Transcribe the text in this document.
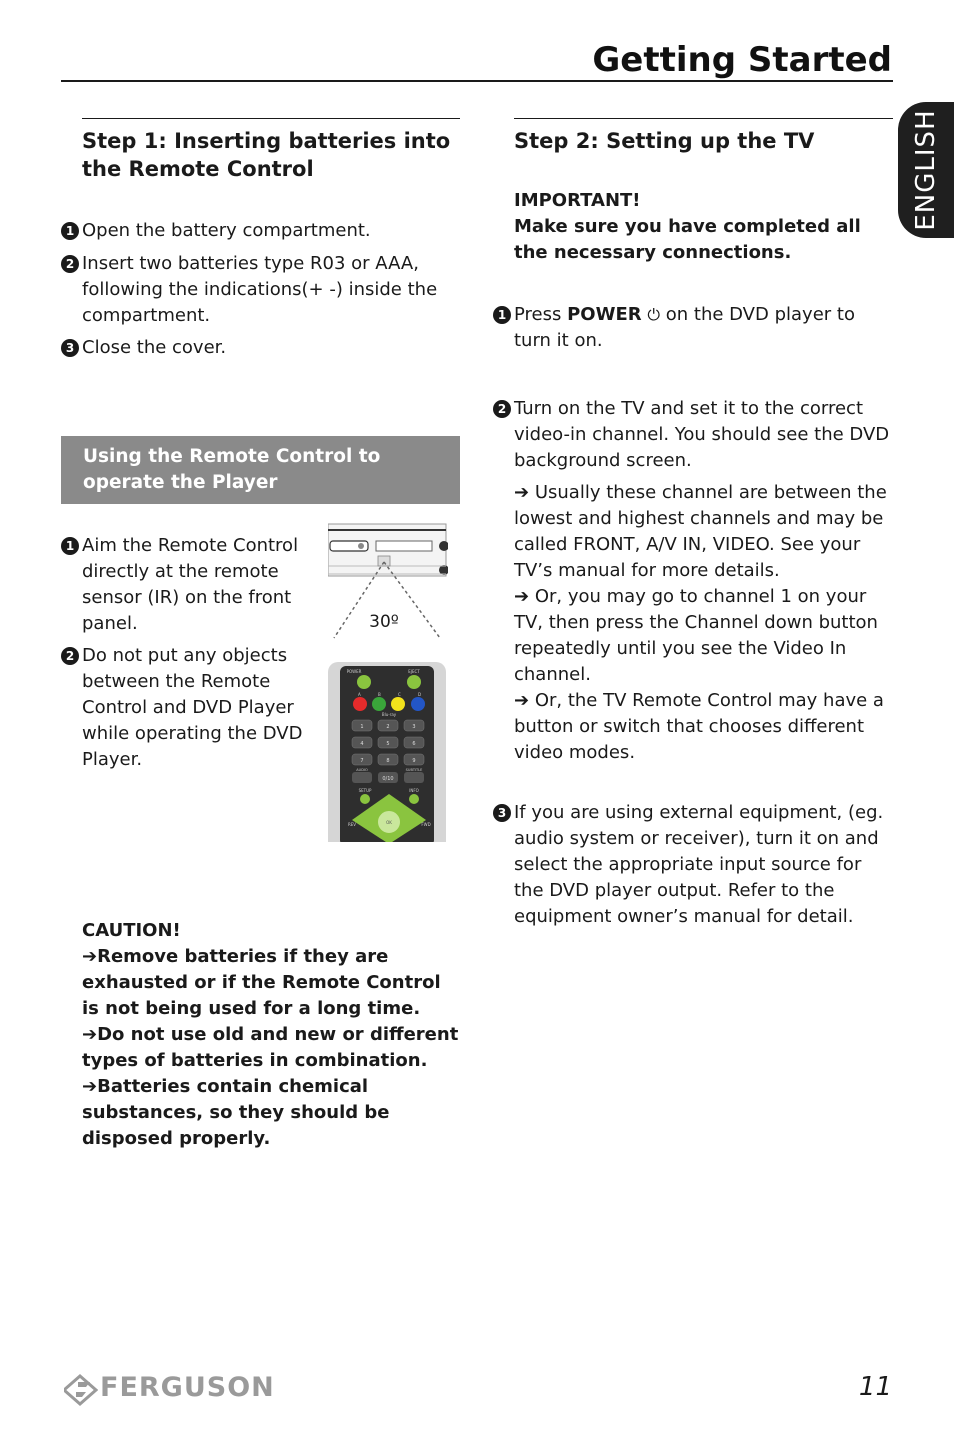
Getting Started
ENGLISH
Step 1: Inserting batteries into the Remote Control
1 Open the battery compartment.
2 Insert two batteries type R03 or AAA, following the indications(+ -) inside the compartment.
3 Close the cover.
Using the Remote Control to operate the Player
1 Aim the Remote Control directly at the remote sensor (IR) on the front panel.
2 Do not put any objects between the Remote Control and DVD Player while operating the DVD Player.
30º
POWER	EJECT
A	B	C	D
Blu-ray
1	2	3
4	5	6
7	8	9
AUDIO	SUBTITLE
0/10
SETUP	INFO
OK
REV	FWD
CAUTION!
➔Remove batteries if they are exhausted or if the Remote Control is not being used for a long time.
➔Do not use old and new or different types of batteries in combination.
➔Batteries contain chemical substances, so they should be disposed properly.
Step 2: Setting up the TV
IMPORTANT!
Make sure you have completed all the necessary connections.
1 Press POWER ⏻ on the DVD player to turn it on.
2 Turn on the TV and set it to the correct video-in channel. You should see the DVD background screen.
➔ Usually these channel are between the lowest and highest channels and may be called FRONT, A/V IN, VIDEO. See your TV’s manual for more details.
➔ Or, you may go to channel 1 on your TV, then press the Channel down button repeatedly until you see the Video In channel.
➔ Or, the TV Remote Control may have a button or switch that chooses different video modes.
3 If you are using external equipment, (eg. audio system or receiver), turn it on and select the appropriate input source for the DVD player output. Refer to the equipment owner’s manual for detail.
FERGUSON	11
